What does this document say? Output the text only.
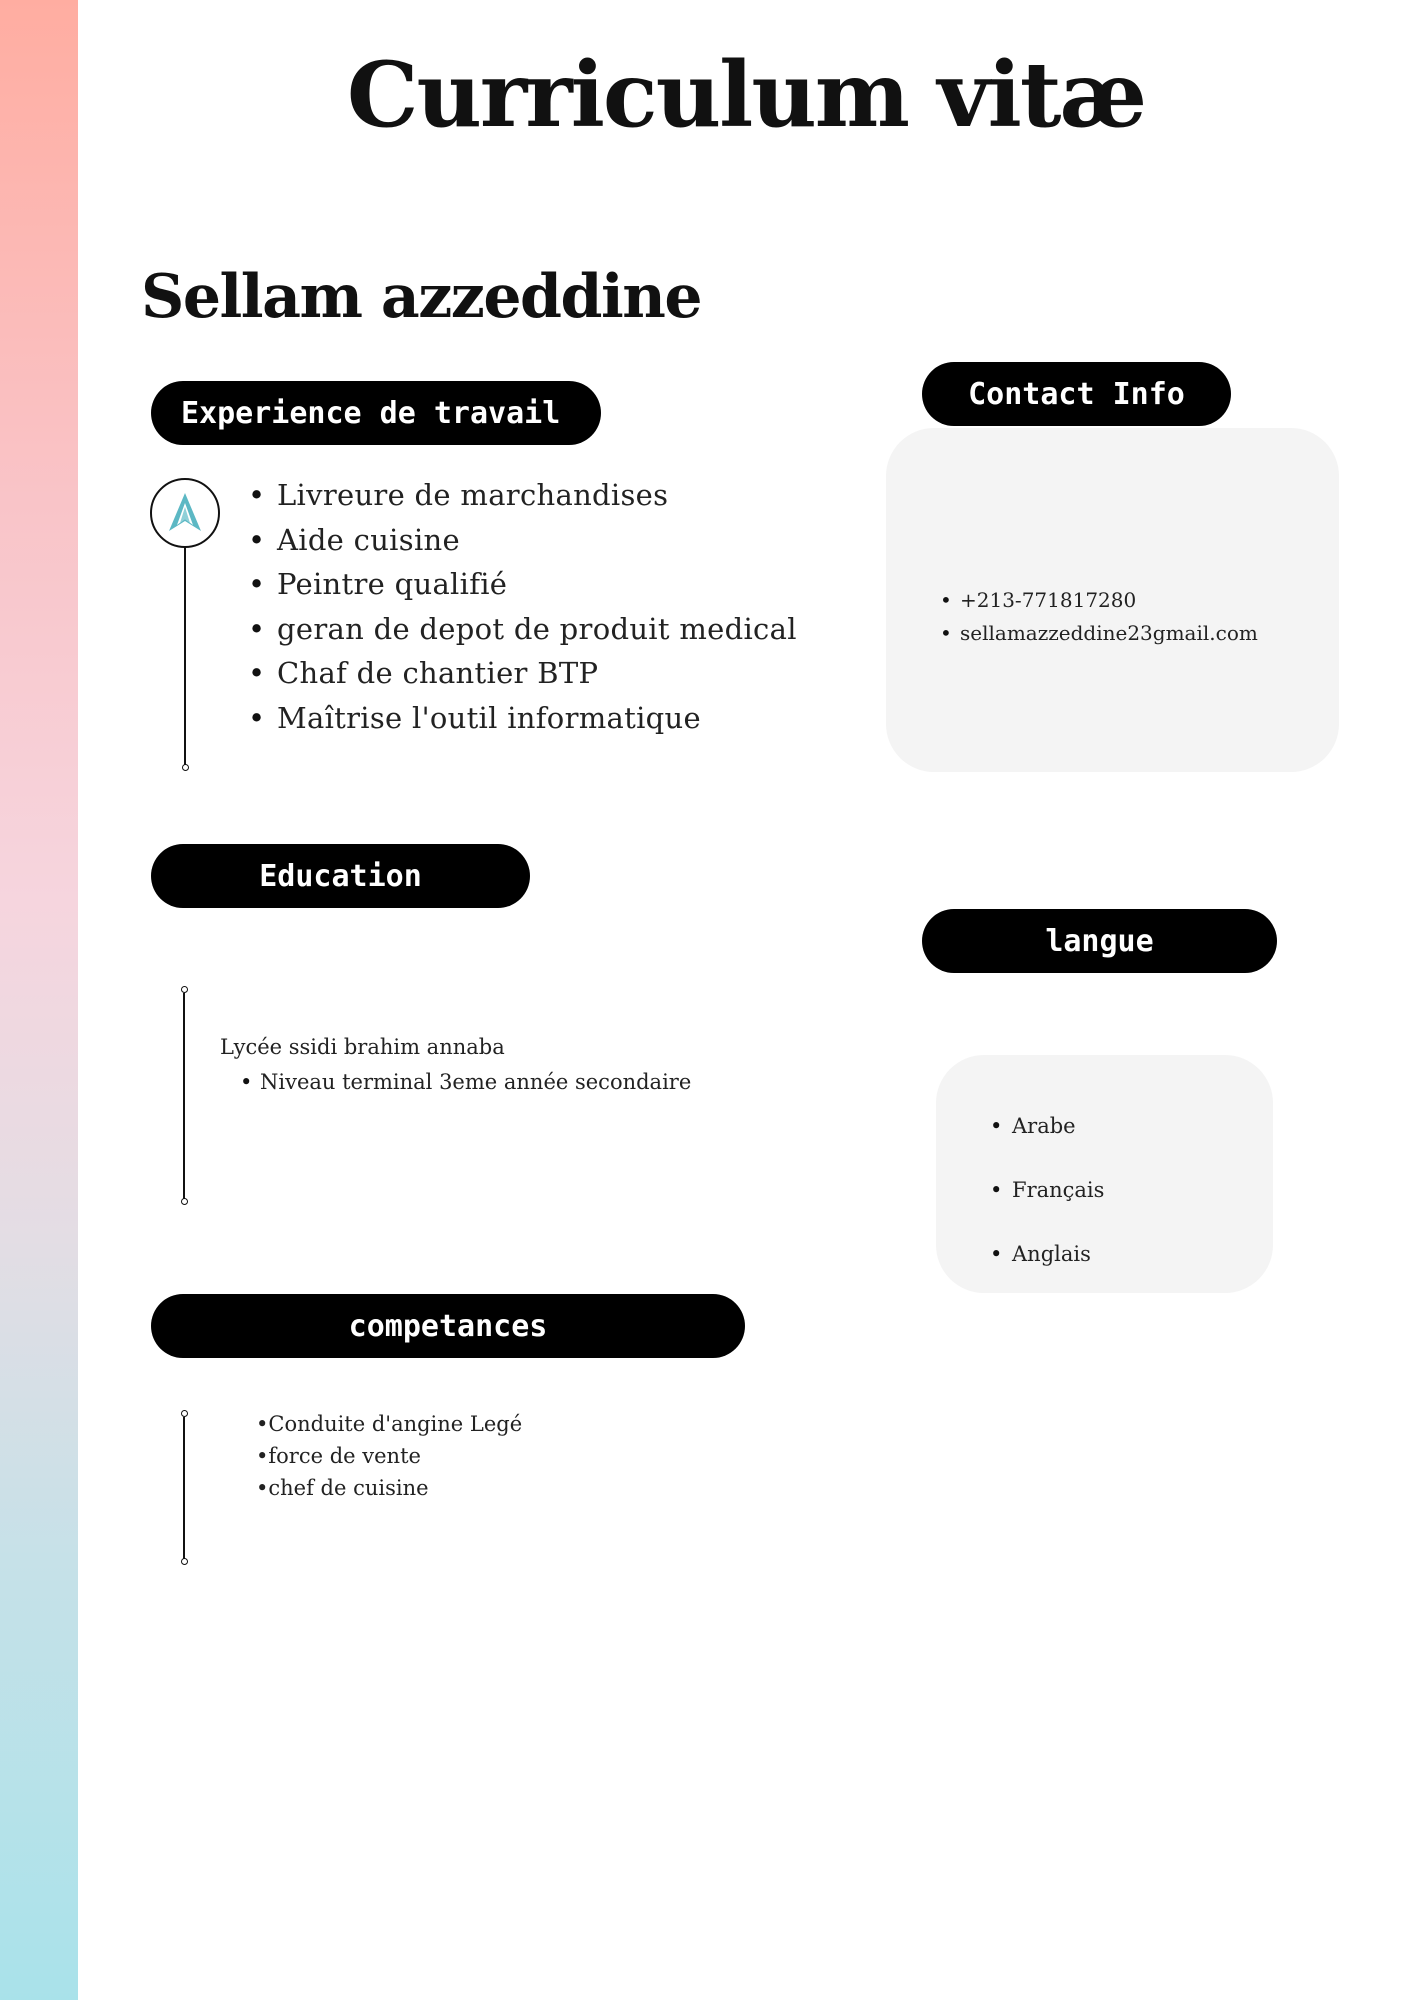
Curriculum vitæ
Sellam azzeddine
Experience de travail
• Livreure de marchandises
• Aide cuisine
• Peintre qualifié
• geran de depot de produit medical
• Chaf de chantier BTP
• Maîtrise l'outil informatique
Contact Info
• +213-771817280
• sellamazzeddine23gmail.com
Education

Lycée ssidi brahim annaba

• Niveau terminal 3eme année secondaire
langue
• Arabe
• Français
• Anglais
competances
•Conduite d'angine Legé
•force de vente
•chef de cuisine
